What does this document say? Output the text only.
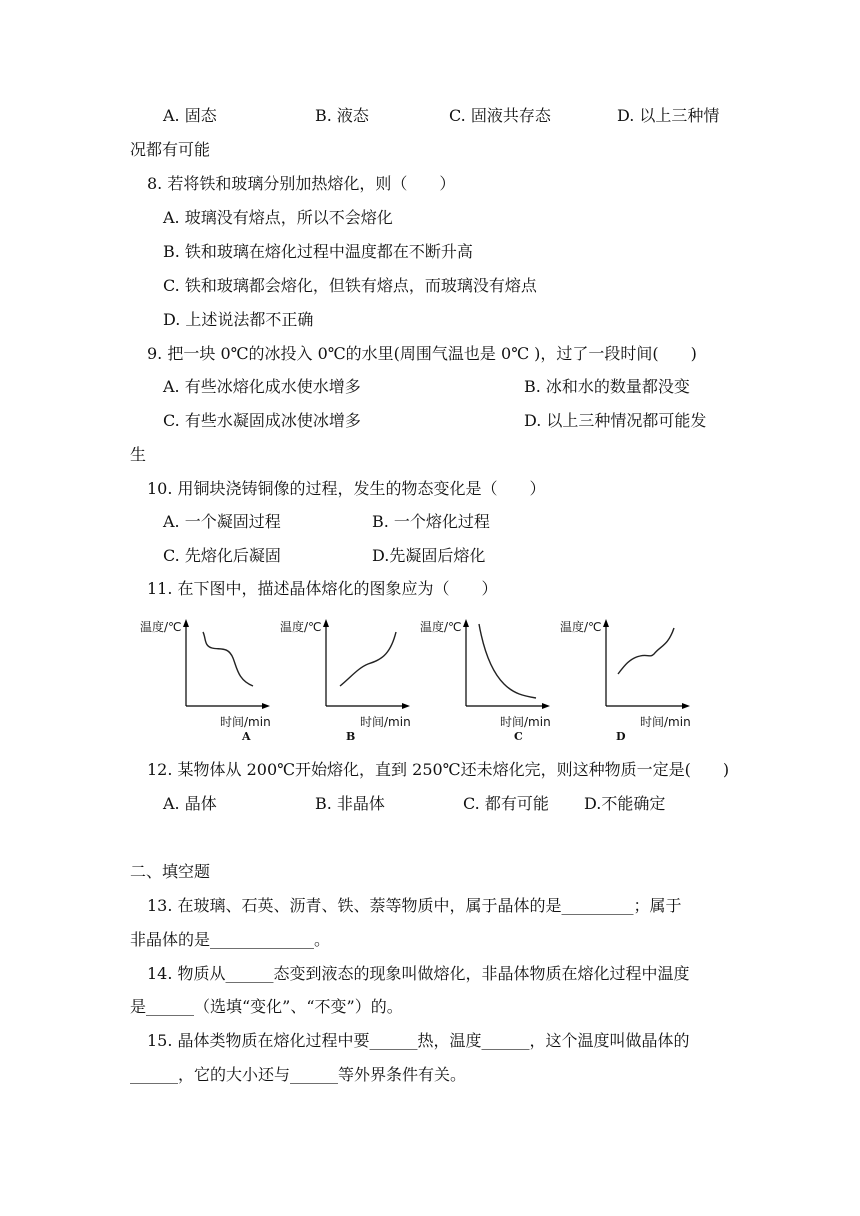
A. 固态	B. 液态	C. 固液共存态	D. 以上三种情
况都有可能
8. 若将铁和玻璃分别加热熔化，则（　　）
A. 玻璃没有熔点，所以不会熔化
B. 铁和玻璃在熔化过程中温度都在不断升高
C. 铁和玻璃都会熔化，但铁有熔点，而玻璃没有熔点
D. 上述说法都不正确
9. 把一块 0℃的冰投入 0℃的水里(周围气温也是 0℃ )，过了一段时间(　　)
A. 有些冰熔化成水使水增多	B. 冰和水的数量都没变
C. 有些水凝固成冰使冰增多	D. 以上三种情况都可能发
生
10. 用铜块浇铸铜像的过程，发生的物态变化是（　　）
A. 一个凝固过程	B. 一个熔化过程
C. 先熔化后凝固	D.先凝固后熔化
11. 在下图中，描述晶体熔化的图象应为（　　）
温度/℃
时间/min
A
温度/℃
时间/min
B
温度/℃
时间/min
C
温度/℃
时间/min
D
12. 某物体从 200℃开始熔化，直到 250℃还未熔化完，则这种物质一定是(　　)
A. 晶体	B. 非晶体	C. 都有可能 D.不能确定
二、填空题
13. 在玻璃、石英、沥青、铁、萘等物质中，属于晶体的是_________；属于
非晶体的是_____________。
14. 物质从______态变到液态的现象叫做熔化，非晶体物质在熔化过程中温度
是______（选填“变化”、“不变”）的。
15. 晶体类物质在熔化过程中要______热，温度______，这个温度叫做晶体的
______，它的大小还与______等外界条件有关。
